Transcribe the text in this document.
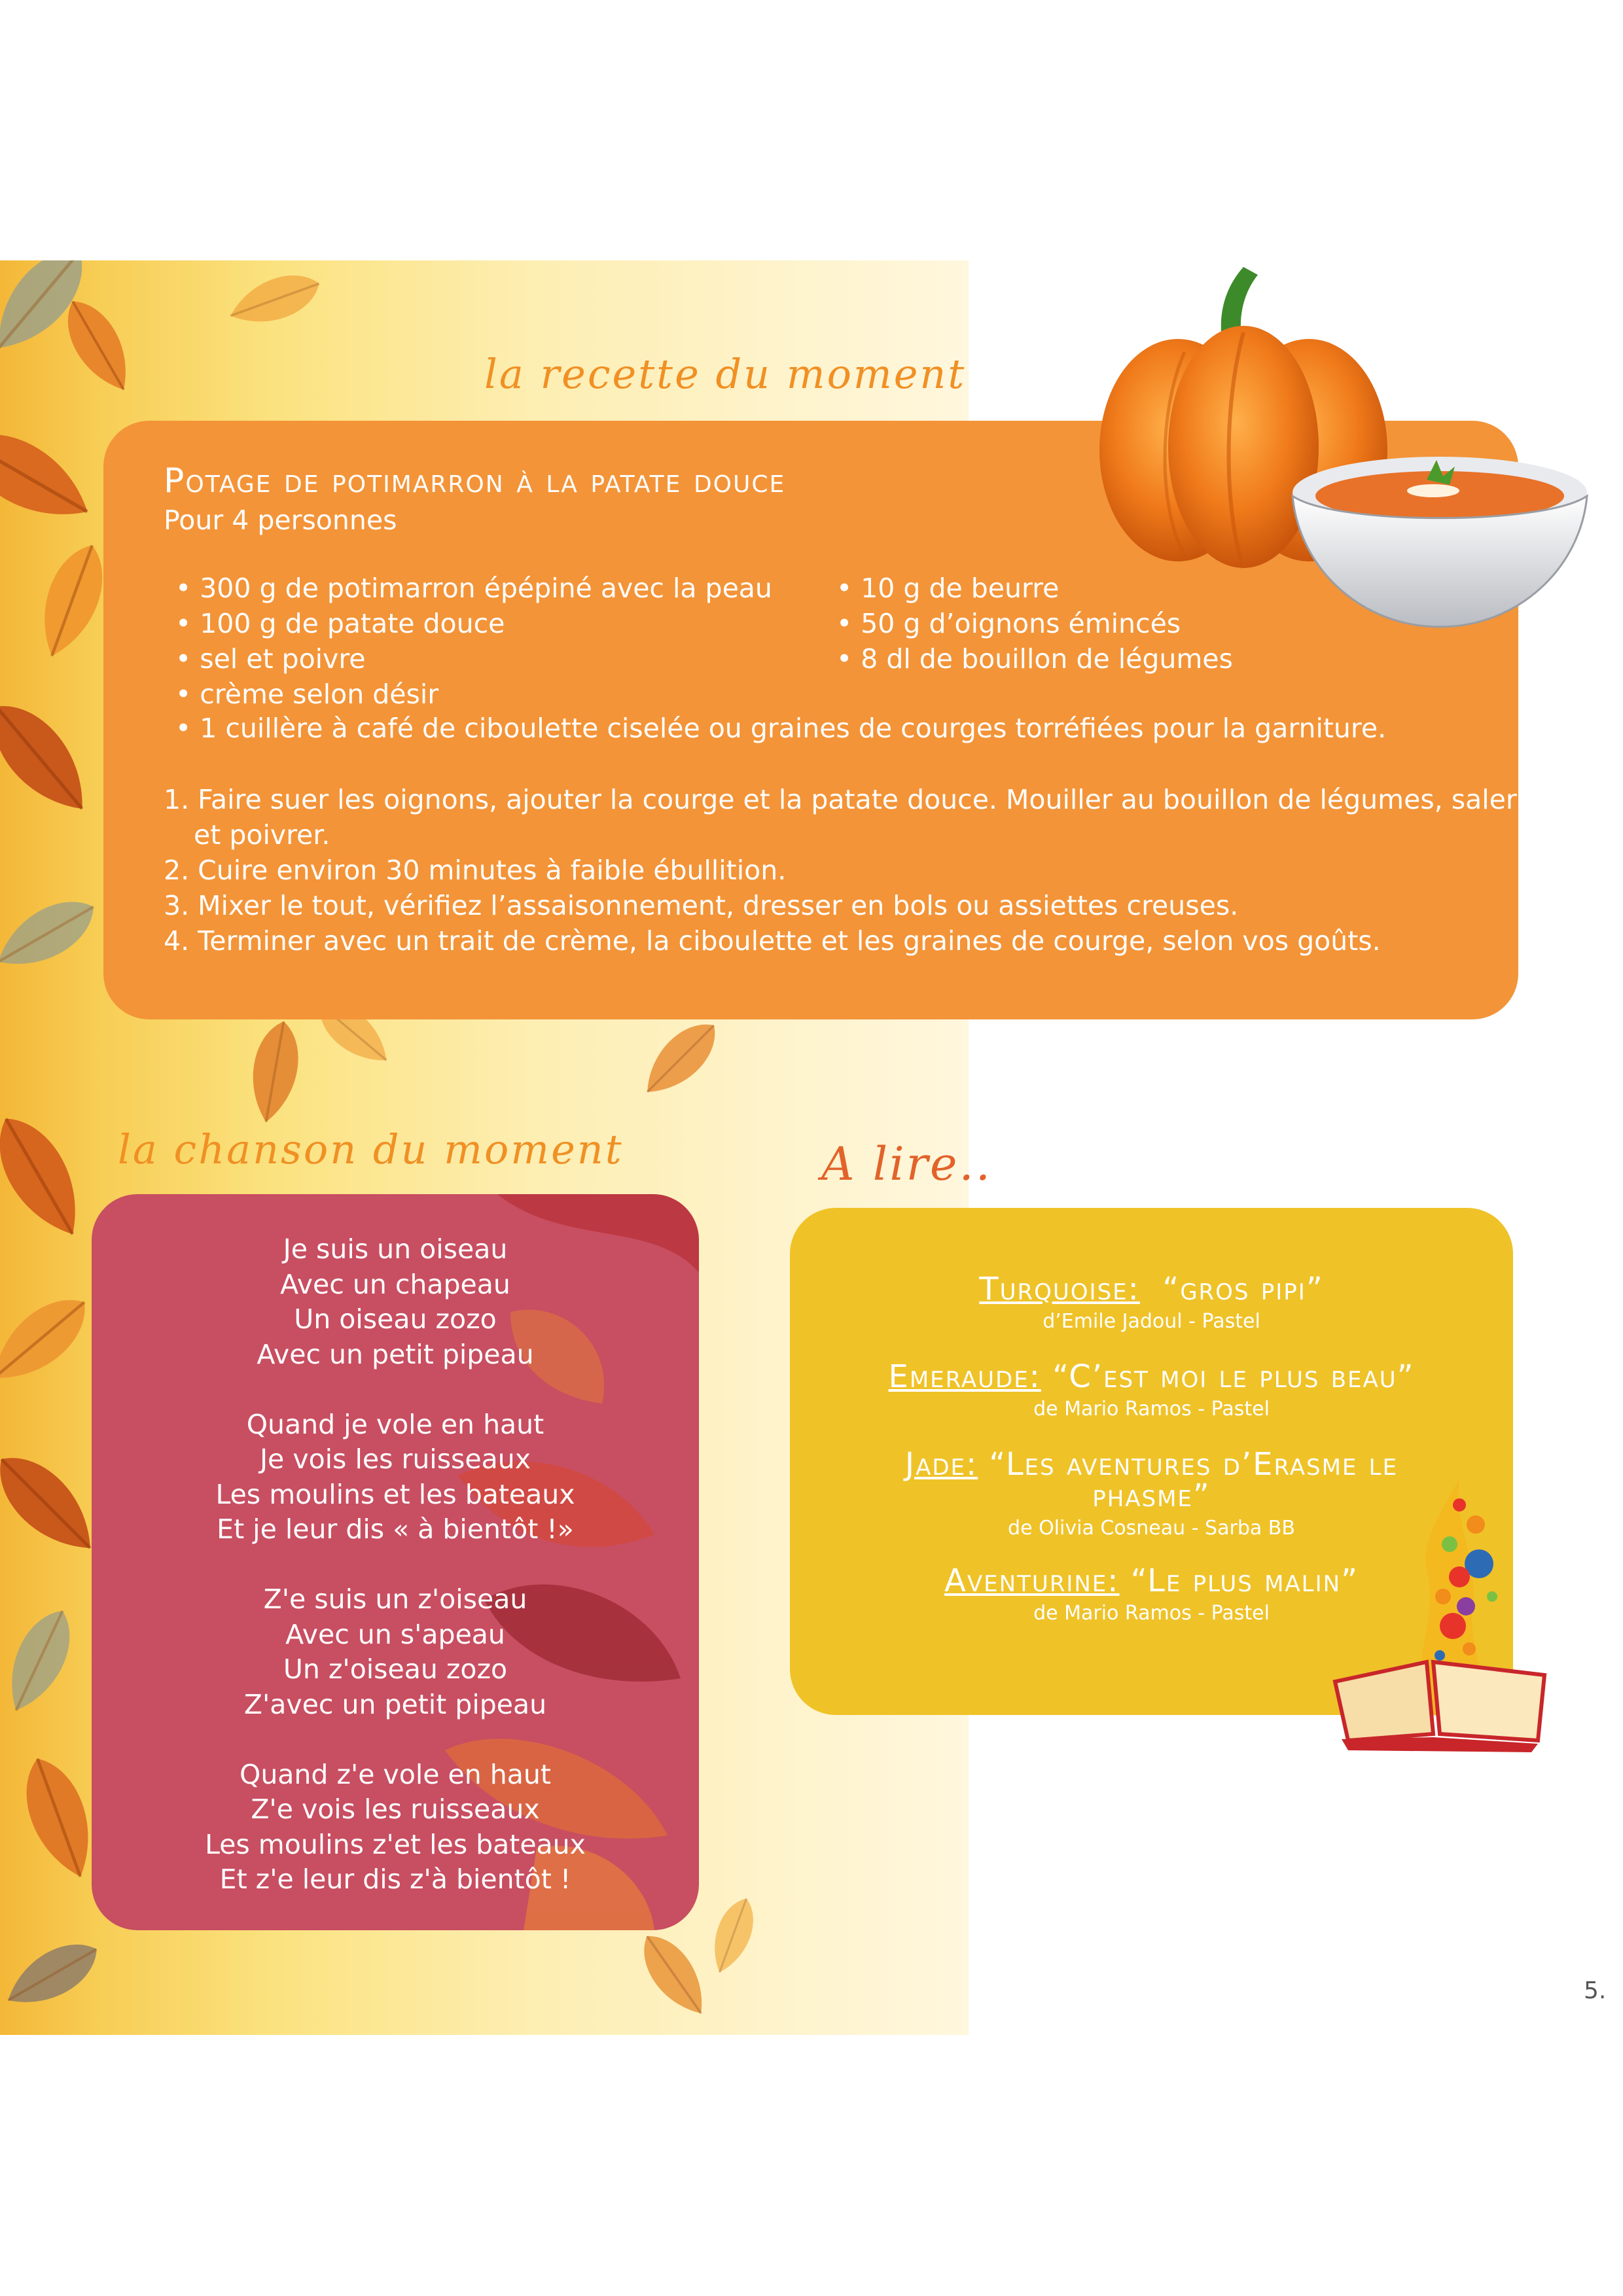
la recette du moment
Potage de potimarron à la patate douce
Pour 4 personnes
• 300 g de potimarron épépiné avec la peau
• 100 g de patate douce
• sel et poivre
• crème selon désir
• 1 cuillère à café de ciboulette ciselée ou graines de courges torréfiées pour la garniture.
• 10 g de beurre
• 50 g d’oignons émincés
• 8 dl de bouillon de légumes
1. Faire suer les oignons, ajouter la courge et la patate douce. Mouiller au bouillon de légumes, saler
et poivrer.
2. Cuire environ 30 minutes à faible ébullition.
3. Mixer le tout, vérifiez l’assaisonnement, dresser en bols ou assiettes creuses.
4. Terminer avec un trait de crème, la ciboulette et les graines de courge, selon vos goûts.
la chanson du moment
Je suis un oiseau
Avec un chapeau
Un oiseau zozo
Avec un petit pipeau
Quand je vole en haut
Je vois les ruisseaux
Les moulins et les bateaux
Et je leur dis « à bientôt !»
Z'e suis un z'oiseau
Avec un s'apeau
Un z'oiseau zozo
Z'avec un petit pipeau
Quand z'e vole en haut
Z'e vois les ruisseaux
Les moulins z'et les bateaux
Et z'e leur dis z'à bientôt !
A lire..
Turquoise: “gros pipi”
d’Emile Jadoul - Pastel
Emeraude: “C’est moi le plus beau”
de Mario Ramos - Pastel
Jade: “Les aventures d’Erasme le
phasme”
de Olivia Cosneau - Sarba BB
Aventurine: “Le plus malin”
de Mario Ramos - Pastel
5.
